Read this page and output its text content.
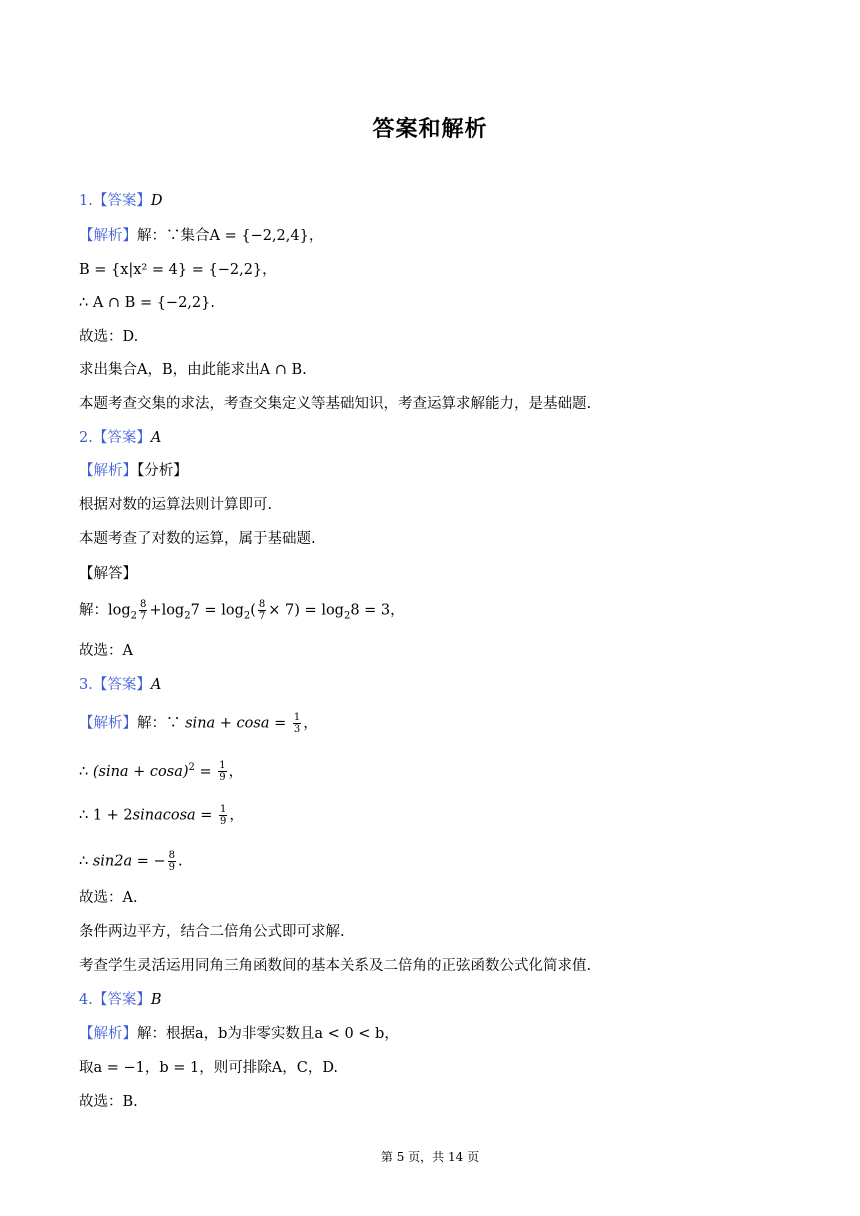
答案和解析
1.【答案】D
【解析】解：∵集合A = {−2,2,4}，
B = {x|x² = 4} = {−2,2}，
∴ A ∩ B = {−2,2}.
故选：D.
求出集合A，B，由此能求出A ∩ B.
本题考查交集的求法，考查交集定义等基础知识，考查运算求解能力，是基础题.
2.【答案】A
【解析】【分析】
根据对数的运算法则计算即可.
本题考查了对数的运算，属于基础题.
【解答】
解：$\log_2 \frac{8}{7} +\log_27 = \log_2( \frac{8}{7} \times 7) = \log_28 = 3$，
故选：A
3.【答案】A
【解析】解：∵ $\sin a + \cos a = \frac{1}{3}$ ，
∴ $(\sin a + \cos a)^2 = \frac{1}{9}$ ，
∴ 1 + 2sinacosa = $\frac{1}{9}$ ，
∴ sin2a = − $\frac{8}{9}$ .
故选：A.
条件两边平方，结合二倍角公式即可求解.
考查学生灵活运用同角三角函数间的基本关系及二倍角的正弦函数公式化简求值.
4.【答案】B
【解析】解：根据a，b为非零实数且a < 0 < b，
取a = −1，b = 1，则可排除A，C，D.
故选：B.
第 5 页，共 14 页
